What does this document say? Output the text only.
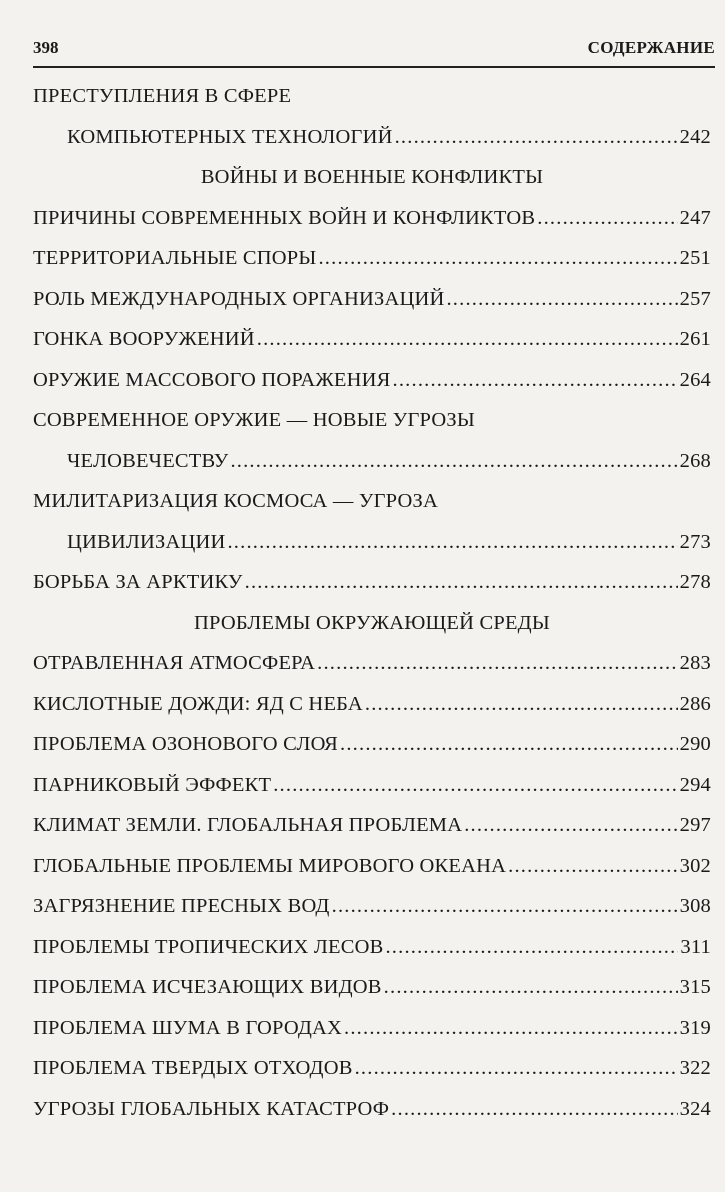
398	СОДЕРЖАНИЕ
ПРЕСТУПЛЕНИЯ В СФЕРЕ
КОМПЬЮТЕРНЫХ ТЕХНОЛОГИЙ .....	242
ВОЙНЫ И ВОЕННЫЕ КОНФЛИКТЫ
ПРИЧИНЫ СОВРЕМЕННЫХ ВОЙН И КОНФЛИКТОВ .....	247
ТЕРРИТОРИАЛЬНЫЕ СПОРЫ .....	251
РОЛЬ МЕЖДУНАРОДНЫХ ОРГАНИЗАЦИЙ .....	257
ГОНКА ВООРУЖЕНИЙ .....	261
ОРУЖИЕ МАССОВОГО ПОРАЖЕНИЯ .....	264
СОВРЕМЕННОЕ ОРУЖИЕ — НОВЫЕ УГРОЗЫ
ЧЕЛОВЕЧЕСТВУ .....	268
МИЛИТАРИЗАЦИЯ КОСМОСА — УГРОЗА
ЦИВИЛИЗАЦИИ .....	273
БОРЬБА ЗА АРКТИКУ .....	278
ПРОБЛЕМЫ ОКРУЖАЮЩЕЙ СРЕДЫ
ОТРАВЛЕННАЯ АТМОСФЕРА .....	283
КИСЛОТНЫЕ ДОЖДИ: ЯД С НЕБА .....	286
ПРОБЛЕМА ОЗОНОВОГО СЛОЯ .....	290
ПАРНИКОВЫЙ ЭФФЕКТ .....	294
КЛИМАТ ЗЕМЛИ. ГЛОБАЛЬНАЯ ПРОБЛЕМА .....	297
ГЛОБАЛЬНЫЕ ПРОБЛЕМЫ МИРОВОГО ОКЕАНА .....	302
ЗАГРЯЗНЕНИЕ ПРЕСНЫХ ВОД .....	308
ПРОБЛЕМЫ ТРОПИЧЕСКИХ ЛЕСОВ .....	311
ПРОБЛЕМА ИСЧЕЗАЮЩИХ ВИДОВ .....	315
ПРОБЛЕМА ШУМА В ГОРОДАХ .....	319
ПРОБЛЕМА ТВЕРДЫХ ОТХОДОВ .....	322
УГРОЗЫ ГЛОБАЛЬНЫХ КАТАСТРОФ .....	324
